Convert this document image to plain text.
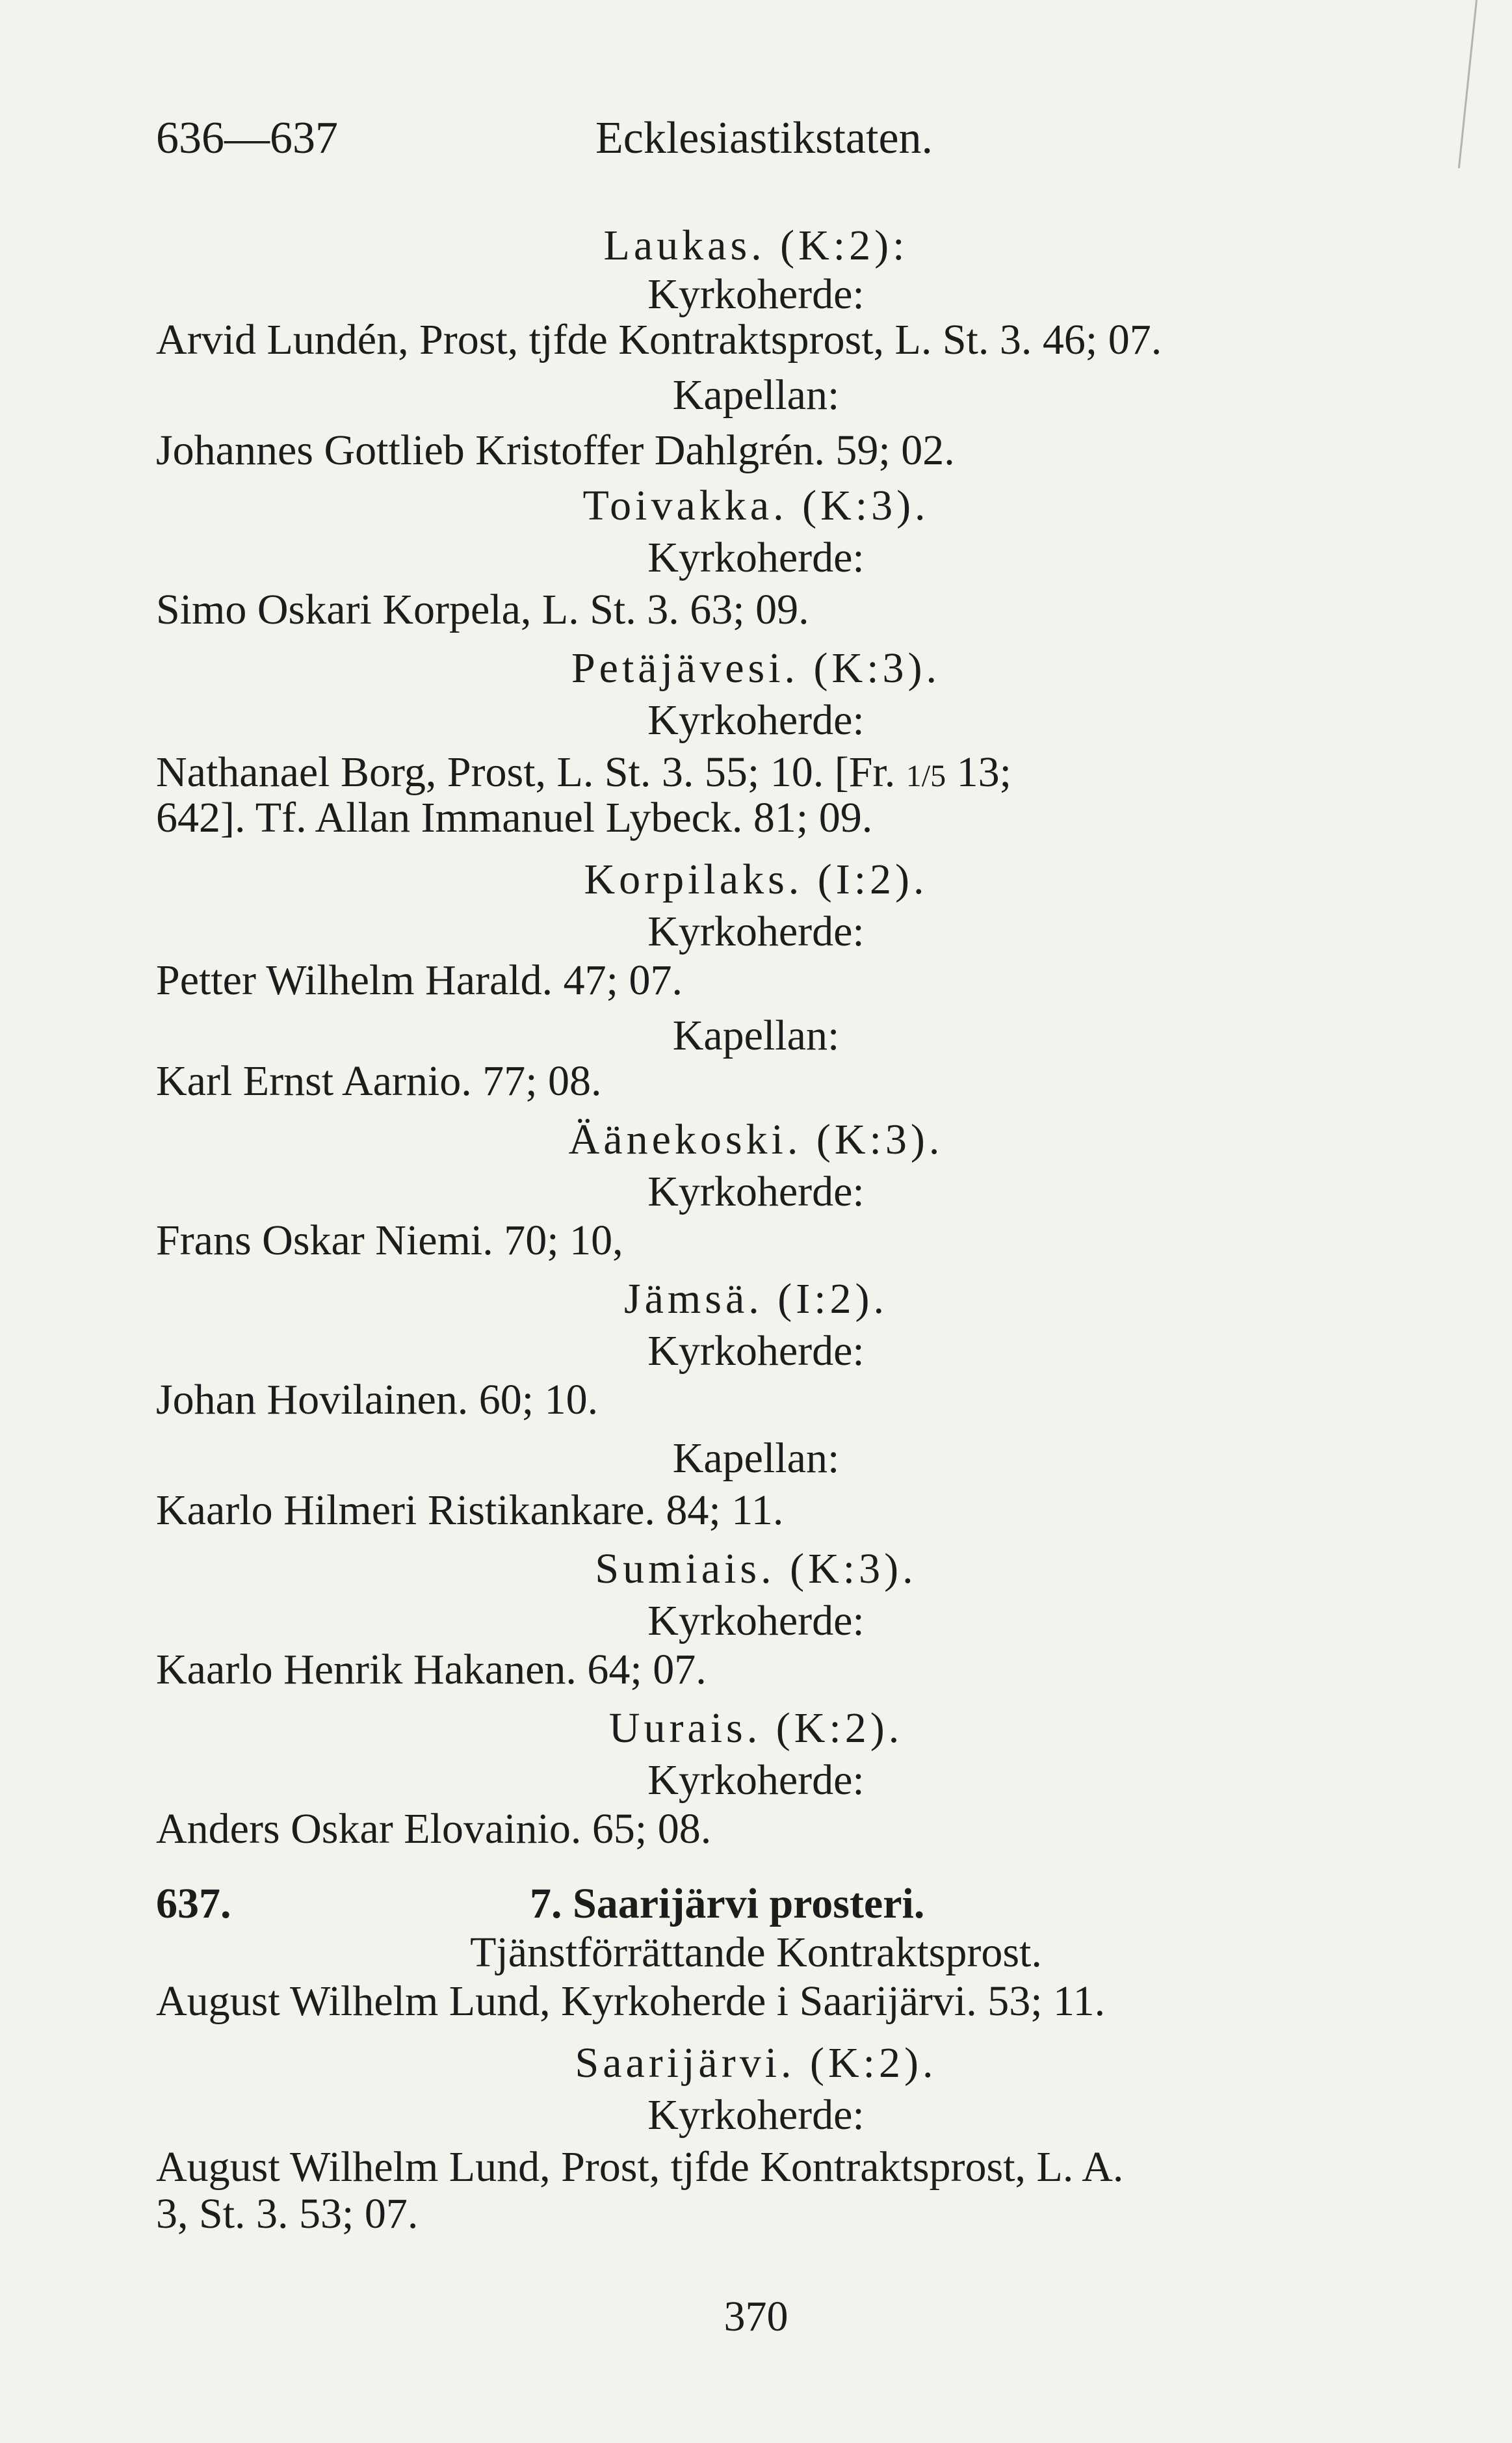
636—637	Ecklesiastikstaten.
Laukas. (K:2):
Kyrkoherde:
Arvid Lundén, Prost, tjfde Kontraktsprost, L. St. 3. 46; 07.
Kapellan:
Johannes Gottlieb Kristoffer Dahlgrén. 59; 02.
Toivakka. (K:3).
Kyrkoherde:
Simo Oskari Korpela, L. St. 3. 63; 09.
Petäjävesi. (K:3).
Kyrkoherde:
Nathanael Borg, Prost, L. St. 3. 55; 10. [Fr. 1/5 13;
642]. Tf. Allan Immanuel Lybeck. 81; 09.
Korpilaks. (I:2).
Kyrkoherde:
Petter Wilhelm Harald. 47; 07.
Kapellan:
Karl Ernst Aarnio. 77; 08.
Äänekoski. (K:3).
Kyrkoherde:
Frans Oskar Niemi. 70; 10,
Jämsä. (I:2).
Kyrkoherde:
Johan Hovilainen. 60; 10.
Kapellan:
Kaarlo Hilmeri Ristikankare. 84; 11.
Sumiais. (K:3).
Kyrkoherde:
Kaarlo Henrik Hakanen. 64; 07.
Uurais. (K:2).
Kyrkoherde:
Anders Oskar Elovainio. 65; 08.
637.	7. Saarijärvi prosteri.
Tjänstförrättande Kontraktsprost.
August Wilhelm Lund, Kyrkoherde i Saarijärvi. 53; 11.
Saarijärvi. (K:2).
Kyrkoherde:
August Wilhelm Lund, Prost, tjfde Kontraktsprost, L. A.
3, St. 3. 53; 07.
370
